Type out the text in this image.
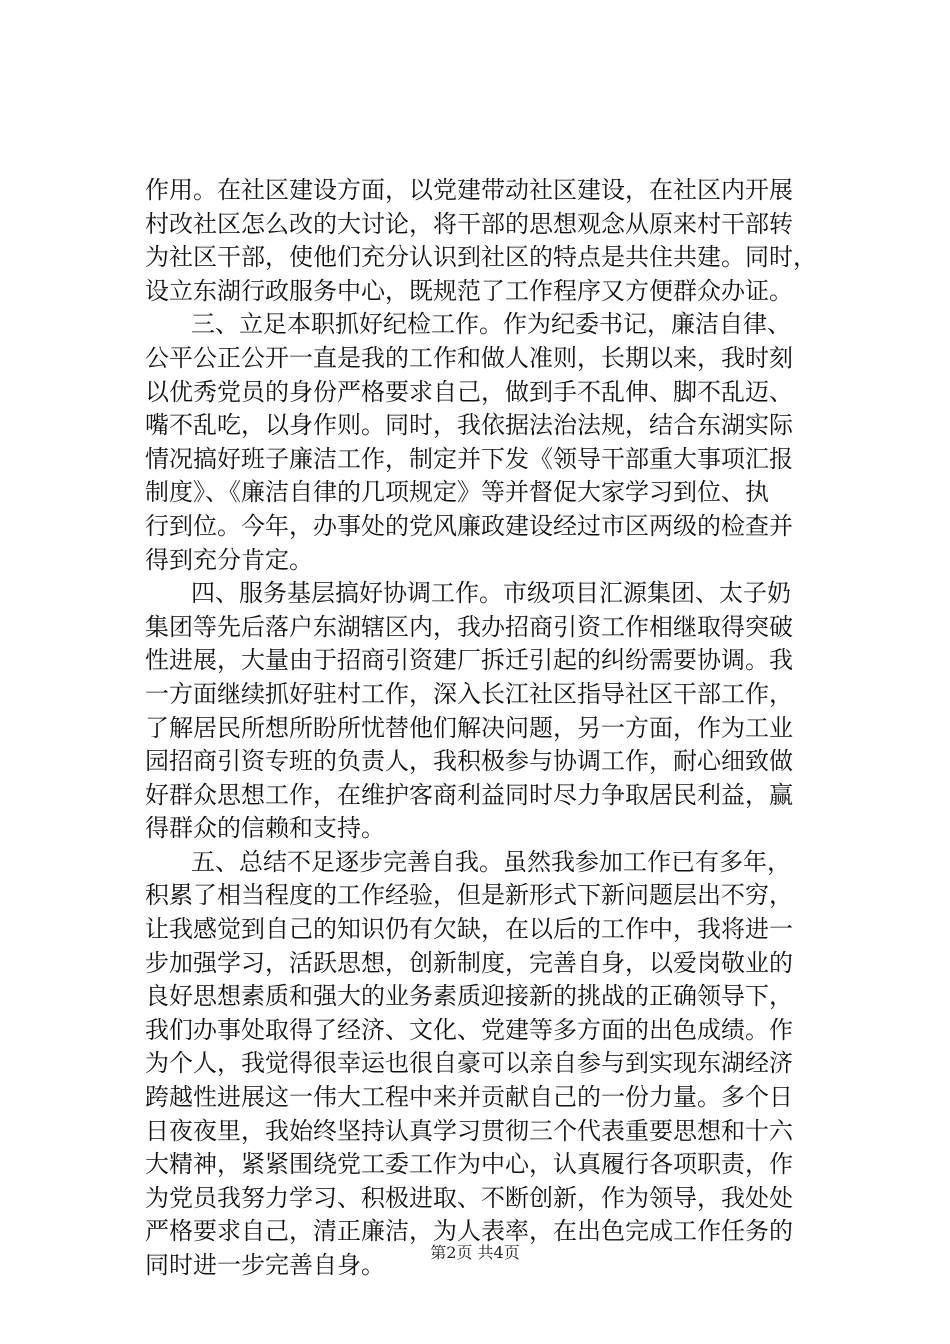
作用。在社区建设方面，以党建带动社区建设，在社区内开展
村改社区怎么改的大讨论，将干部的思想观念从原来村干部转
为社区干部，使他们充分认识到社区的特点是共住共建。同时，
设立东湖行政服务中心，既规范了工作程序又方便群众办证。
三、立足本职抓好纪检工作。作为纪委书记，廉洁自律、
公平公正公开一直是我的工作和做人准则，长期以来，我时刻
以优秀党员的身份严格要求自己，做到手不乱伸、脚不乱迈、
嘴不乱吃，以身作则。同时，我依据法治法规，结合东湖实际
情况搞好班子廉洁工作，制定并下发《领导干部重大事项汇报
制度》、《廉洁自律的几项规定》等并督促大家学习到位、执
行到位。今年，办事处的党风廉政建设经过市区两级的检查并
得到充分肯定。
四、服务基层搞好协调工作。市级项目汇源集团、太子奶
集团等先后落户东湖辖区内，我办招商引资工作相继取得突破
性进展，大量由于招商引资建厂拆迁引起的纠纷需要协调。我
一方面继续抓好驻村工作，深入长江社区指导社区干部工作，
了解居民所想所盼所忧替他们解决问题，另一方面，作为工业
园招商引资专班的负责人，我积极参与协调工作，耐心细致做
好群众思想工作，在维护客商利益同时尽力争取居民利益，赢
得群众的信赖和支持。
五、总结不足逐步完善自我。虽然我参加工作已有多年，
积累了相当程度的工作经验，但是新形式下新问题层出不穷，
让我感觉到自己的知识仍有欠缺，在以后的工作中，我将进一
步加强学习，活跃思想，创新制度，完善自身，以爱岗敬业的
良好思想素质和强大的业务素质迎接新的挑战的正确领导下，
我们办事处取得了经济、文化、党建等多方面的出色成绩。作
为个人，我觉得很幸运也很自豪可以亲自参与到实现东湖经济
跨越性进展这一伟大工程中来并贡献自己的一份力量。多个日
日夜夜里，我始终坚持认真学习贯彻三个代表重要思想和十六
大精神，紧紧围绕党工委工作为中心，认真履行各项职责，作
为党员我努力学习、积极进取、不断创新，作为领导，我处处
严格要求自己，清正廉洁，为人表率，在出色完成工作任务的
同时进一步完善自身。	第2页 共4页
